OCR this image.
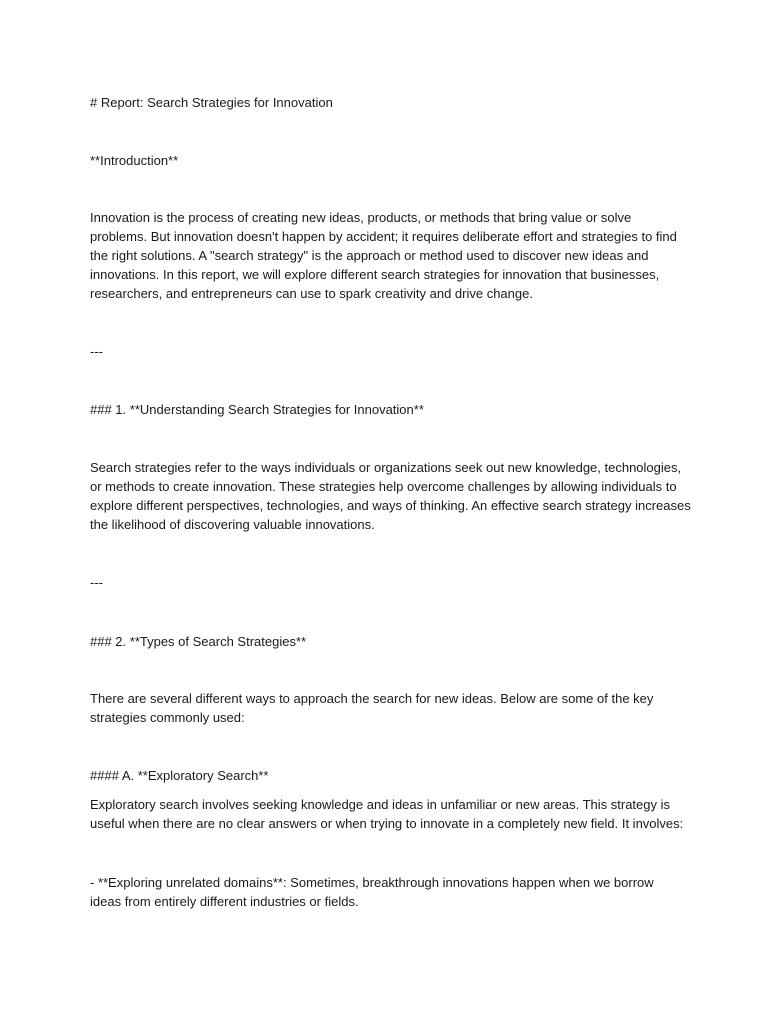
# Report: Search Strategies for Innovation
**Introduction**
Innovation is the process of creating new ideas, products, or methods that bring value or solve
problems. But innovation doesn't happen by accident; it requires deliberate effort and strategies to find
the right solutions. A "search strategy" is the approach or method used to discover new ideas and
innovations. In this report, we will explore different search strategies for innovation that businesses,
researchers, and entrepreneurs can use to spark creativity and drive change.
---
### 1. **Understanding Search Strategies for Innovation**
Search strategies refer to the ways individuals or organizations seek out new knowledge, technologies,
or methods to create innovation. These strategies help overcome challenges by allowing individuals to
explore different perspectives, technologies, and ways of thinking. An effective search strategy increases
the likelihood of discovering valuable innovations.
---
### 2. **Types of Search Strategies**
There are several different ways to approach the search for new ideas. Below are some of the key
strategies commonly used:
#### A. **Exploratory Search**
Exploratory search involves seeking knowledge and ideas in unfamiliar or new areas. This strategy is
useful when there are no clear answers or when trying to innovate in a completely new field. It involves:
- **Exploring unrelated domains**: Sometimes, breakthrough innovations happen when we borrow
ideas from entirely different industries or fields.
